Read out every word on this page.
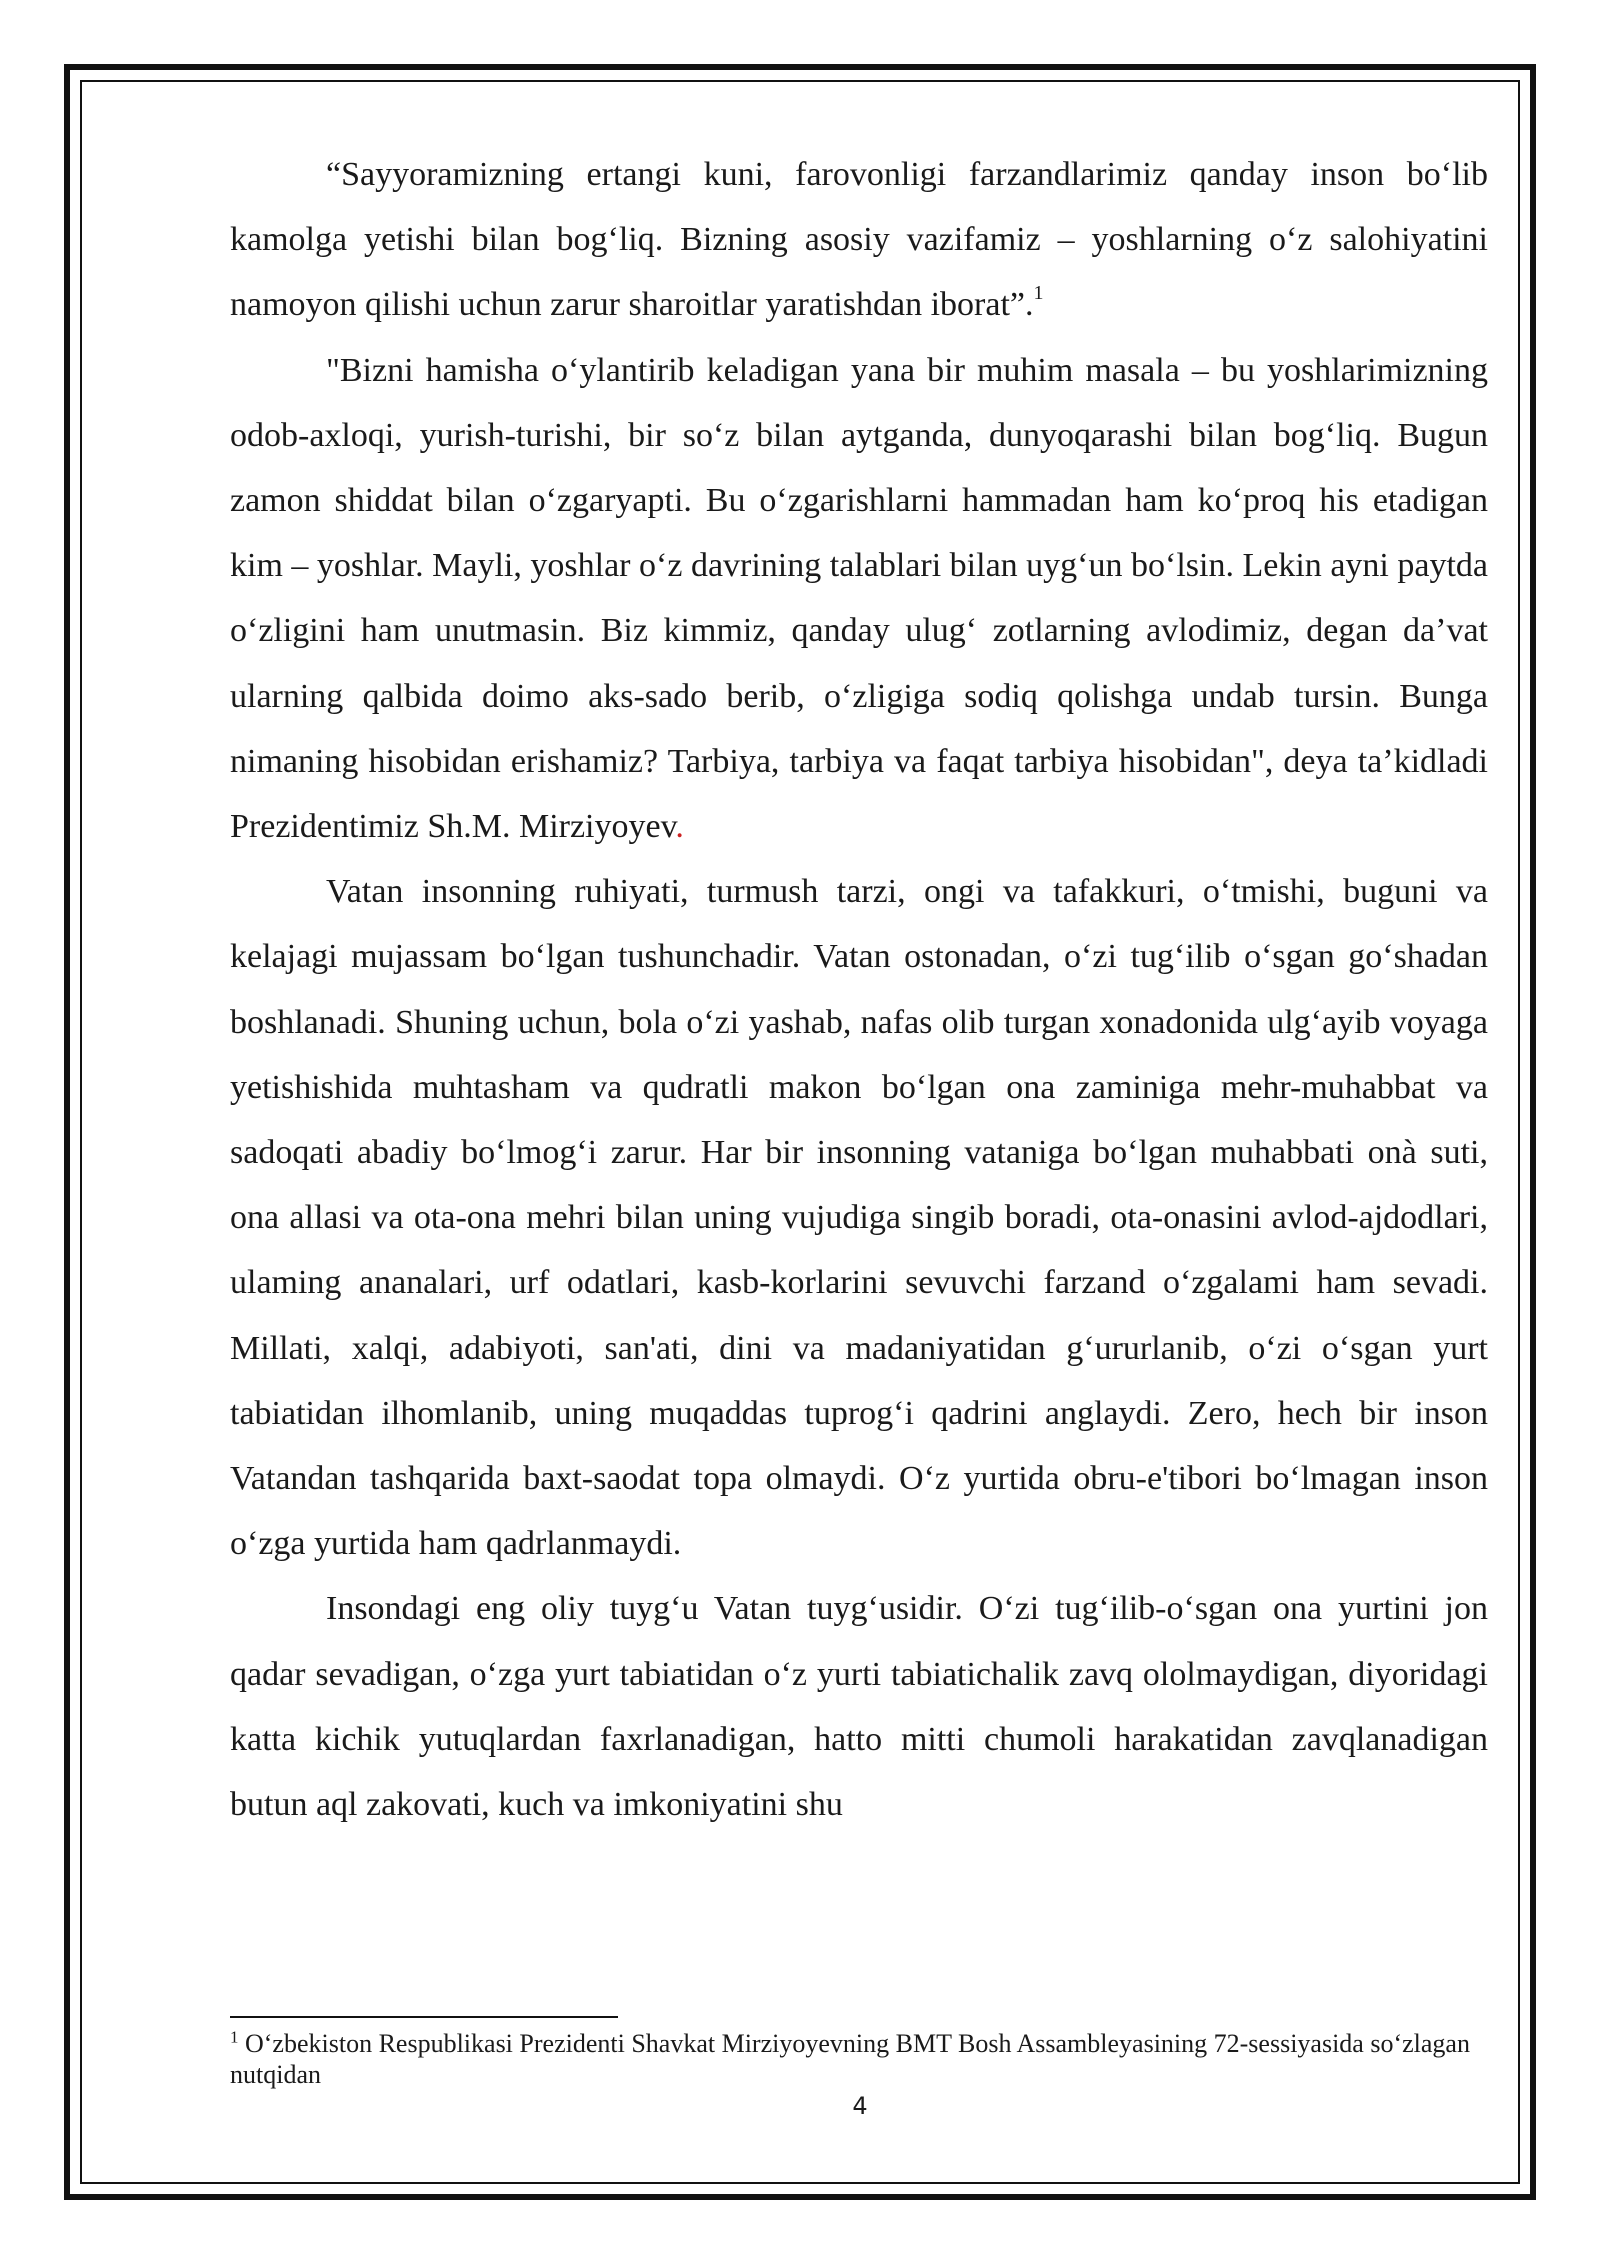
“Sayyoramizning ertangi kuni, farovonligi farzandlarimiz qanday inson bo‘lib kamolga yetishi bilan bog‘liq. Bizning asosiy vazifamiz – yoshlarning o‘z salohiyatini namoyon qilishi uchun zarur sharoitlar yaratishdan iborat”.$^1$

"Bizni hamisha o‘ylantirib keladigan yana bir muhim masala – bu yoshlarimizning odob-axloqi, yurish-turishi, bir so‘z bilan aytganda, dunyoqarashi bilan bog‘liq. Bugun zamon shiddat bilan o‘zgaryapti. Bu o‘zgarishlarni hammadan ham ko‘proq his etadigan kim – yoshlar. Mayli, yoshlar o‘z davrining talablari bilan uyg‘un bo‘lsin. Lekin ayni paytda o‘zligini ham unutmasin. Biz kimmiz, qanday ulug‘ zotlarning avlodimiz, degan da’vat ularning qalbida doimo aks-sado berib, o‘zligiga sodiq qolishga undab tursin. Bunga nimaning hisobidan erishamiz? Tarbiya, tarbiya va faqat tarbiya hisobidan", deya ta’kidladi Prezidentimiz Sh.M. Mirziyoyev.

Vatan insonning ruhiyati, turmush tarzi, ongi va tafakkuri, o‘tmishi, buguni va kelajagi mujassam bo‘lgan tushunchadir. Vatan ostonadan, o‘zi tug‘ilib o‘sgan go‘shadan boshlanadi. Shuning uchun, bola o‘zi yashab, nafas olib turgan xonadonida ulg‘ayib voyaga yetishishida muhtasham va qudratli makon bo‘lgan ona zaminiga mehr-muhabbat va sadoqati abadiy bo‘lmog‘i zarur. Har bir insonning vataniga bo‘lgan muhabbati onà suti, ona allasi va ota-ona mehri bilan uning vujudiga singib boradi, ota-onasini avlod-ajdodlari, ulaming ananalari, urf odatlari, kasb-korlarini sevuvchi farzand o‘zgalami ham sevadi. Millati, xalqi, adabiyoti, san'ati, dini va madaniyatidan g‘ururlanib, o‘zi o‘sgan yurt tabiatidan ilhomlanib, uning muqaddas tuprog‘i qadrini anglaydi. Zero, hech bir inson Vatandan tashqarida baxt-saodat topa olmaydi. O‘z yurtida obru-e'tibori bo‘lmagan inson o‘zga yurtida ham qadrlanmaydi.

Insondagi eng oliy tuyg‘u Vatan tuyg‘usidir. O‘zi tug‘ilib-o‘sgan ona yurtini jon qadar sevadigan, o‘zga yurt tabiatidan o‘z yurti tabiatichalik zavq ololmaydigan, diyoridagi katta kichik yutuqlardan faxrlanadigan, hatto mitti chumoli harakatidan zavqlanadigan butun aql zakovati, kuch va imkoniyatini shu

$^1$ O‘zbekiston Respublikasi Prezidenti Shavkat Mirziyoyevning BMT Bosh Assambleyasining 72-sessiyasida so‘zlagan nutqidan
4
